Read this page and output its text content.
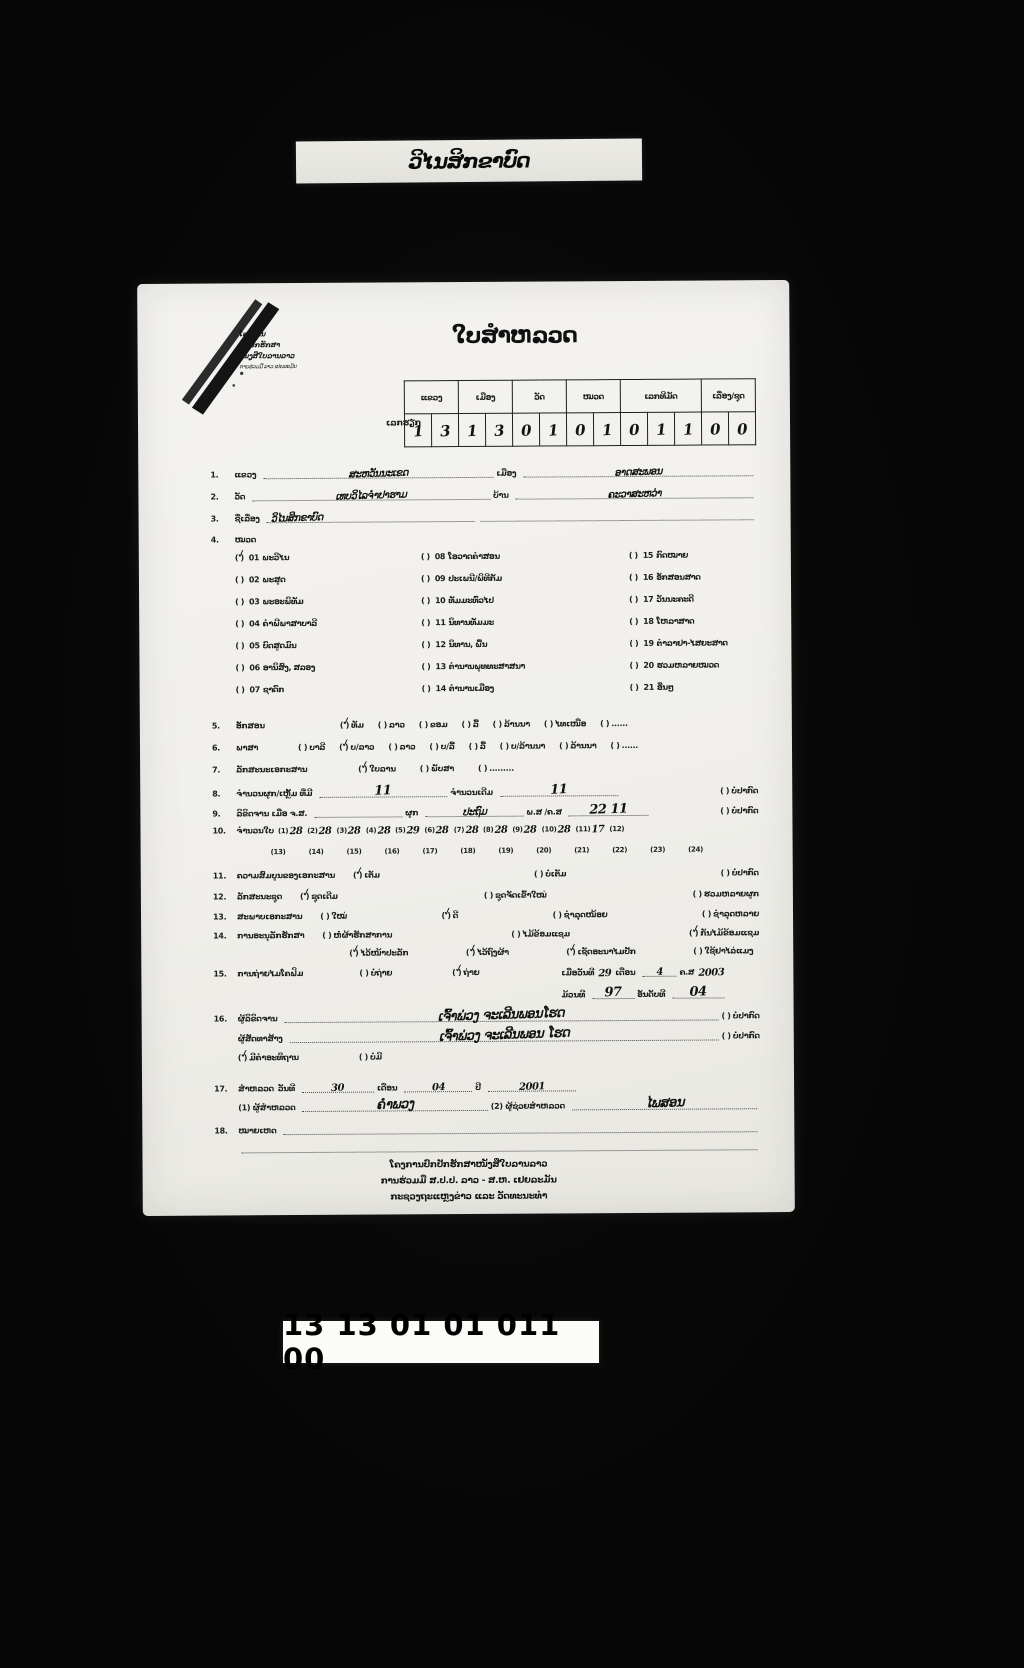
ວິໄນສິກຂາບົດ
ໂຄງການ
ປົກປັກຮັກສາ
ໜັງສືໃບລານລາວ
ການຮ່ວມມື ລາວ ເຢຍລະມັນ
ໃບສໍາຫລວດ
ເລກຮຽກ
ແຂວງ		ເມືອງ		ວັດ		ໝວດ		ເລກທີມັດ			ເລື່ອງ/ຊຸດ	
1	3	1	3	0	1	0	1	0	1	1	0	0
1.	ແຂວງ	ສະຫວັນນະເຂດ	ເມືອງ	ອາດສະພອນ
2.	ວັດ	ເທບວິໄລຈຳປາຮາມ	ບ້ານ	ຄະວາສະຫວ່າ
3.	ຊື່ເລື່ອງ ວິໄນສິກຂາບົດ
4.	ໝວດ
( ) ✓
01 ພະວິໄນ
( )
02 ພະສູດ
( )
03 ພະອະພິທັມ
( )
04 ຄຳພີພາສາບາລີ
( )
05 ບົດສູດມົນ
( )
06 ອານິສົງ, ສລອງ
( )
07 ຊາດົກ
( )
08 ໂອວາດຄຳສອນ
( )
09 ປະເພນີ/ພິທີກັມ
( )
10 ທັມມະທົ່ວໄປ
( )
11 ນິທານທັມມະ
( )
12 ນິທານ, ພື້ນ
( )
13 ຕຳນານພຸທທະສາສນາ
( )
14 ຕຳນານເມືອງ
( )
15 ກົດໝາຍ
( )
16 ອັກສອນສາດ
( )
17 ວັນນະຄະດີ
( )
18 ໂຫລາສາດ
( )
19 ຕຳລາຢາ-ໄສຍະສາດ
( )
20 ຮວມຫລາຍໝວດ
( )
21 ອື່ນໆ
5.	ອັກສອນ ( ) ✓	ທັມ ( )	ລາວ ( )	ຂອມ ( )	ລື້ ( )	ລ້ານນາ ( )	ໄທເໜືອ ( )	......
6.	ພາສາ ( )	ບາລີ ( ) ✓	ບ/ລາວ ( )	ລາວ ( )	ບ/ລື້ ( )	ລື້ ( )	ບ/ລ້ານນາ ( )	ລ້ານນາ ( )	......
7.	ລັກສະນະເອກະສານ ( ) ✓	ໃບລານ ( )	ພັບສາ ( )	.........
8.	ຈຳນວນຜູກ/ເຫຼັ້ມ ທີ່ມີ	11	ຈຳນວນເດີມ	11 ( )	ບໍ່ປາກົດ
9.	ລິຂິດຈານ ເມື່ອ ຈ.ສ.	ຜູກ	ປະຖົມ	ພ.ສ /ຄ.ສ 22 11 ( )	ບໍ່ປາກົດ
10.	ຈຳນວນໃບ (1) 28 (2) 28 (3) 28 (4) 28 (5) 29 (6) 28 (7) 28 (8) 28 (9) 28 (10) 28 (11) 17 (12)
(13)	(14)	(15)	(16)	(17)	(18)	(19)	(20)	(21)	(22)	(23)	(24)
11.	ຄວາມສົມບູນຂອງເອກະສານ ( ) ✓	ເຕັມ ( )	ບໍ່ເຕັມ ( )	ບໍ່ປາກົດ
12.	ລັກສະນະຊຸດ ( ) ✓	ຊຸດເດີມ ( )	ຊຸດຈັດເຂົ້າໃໝ່ ( )	ຮວມຫລາຍຜູກ
13.	ສະພາບເອກະສານ ( )	ໃໝ່ ( ) ✓	ດີ ( )	ຊຳລຸດໜ້ອຍ ( )	ຊຳລຸດຫລາຍ
14.	ການອະນຸລັກຮັກສາ ( )	ຫໍ່ຜ້າຮັກສາການ ( )	ໄມ້ຂ້ອມແຊມ ( ) ✓	ກັນໄມ້ຂ້ອມແຊມ
( ) ✓
ໄວ້ໜ້າປະລັກ ( ) ✓	ໄວ້ຖົງຜ້າ ( ) ✓	ເຊັດອະນາໄມປັກ ( )	ໃຊ້ຢາໄລ່ແມງ
15.	ການຖ່າຍໄມໂຄຟິມ ( )	ບໍ່ຖ່າຍ ( ) ✓	ຖ່າຍ	ເມື່ອວັນທີ 29 ເດືອນ 4 ຄ.ສ 2003
ມ້ວນທີ 97 ອັນດັບທີ 04
16.	ຜູ້ລິຂິດຈານ	ເຈົ້າພ່ວງ ຈະເລີນພອນໂຮດ ( )	ບໍ່ປາກົດ
ຜູ້ສັດທາສ້າງ	ເຈົ້າພ່ວງ ຈະເລີນພອນ ໂຮດ ( )	ບໍ່ປາກົດ
( ) ✓
ມີຄຳອະທິຖານ ( )	ບໍ່ມີ
17.	ສຳຫລວດ ວັນທີ	30	ເດືອນ	04	ປີ	2001
(1) ຜູ້ສຳຫລວດ	ຄຳພວງ	(2) ຜູ້ຊ່ວຍສຳຫລວດ	ໄພສອນ
18.	ໝາຍເຫດ
ໂຄງການປົກປັກຮັກສາໜັງສືໃບລານລາວ
ການຮ່ວມມື ສ.ປ.ປ. ລາວ - ສ.ຫ. ເຢຍລະມັນ
ກະຊວງຖະແຫຼງຂ່າວ ແລະ ວັດທະນະທຳ
13 13 01 01 011 00
